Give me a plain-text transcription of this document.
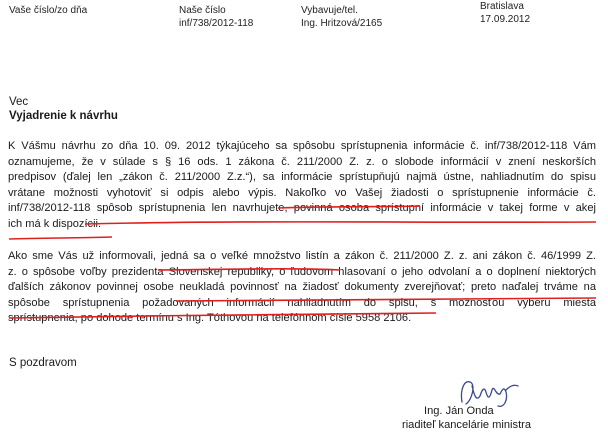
Vaše číslo/zo dňa	Naše číslo
inf/738/2012-118
Vybavuje/tel.
Ing. Hritzová/2165
Bratislava
17.09.2012
Vec
Vyjadrenie k návrhu
K Vášmu návrhu zo dňa 10. 09. 2012 týkajúceho sa spôsobu sprístupnenia informácie č. inf/738/2012-118 Vám
oznamujeme, že v súlade s § 16 ods. 1 zákona č. 211/2000 Z. z. o slobode informácií v znení neskorších
predpisov (ďalej len „zákon č. 211/2000 Z.z.“), sa informácie sprístupňujú najmä ústne, nahliadnutím do spisu
vrátane možnosti vyhotoviť si odpis alebo výpis. Nakoľko vo Vašej žiadosti o sprístupnenie informácie č.
inf/738/2012-118 spôsob sprístupnenia len navrhujete, povinná osoba sprístupní informácie v takej forme v akej
ich má k dispozícii.
Ako sme Vás už informovali, jedná sa o veľké množstvo listín a zákon č. 211/2000 Z. z. ani zákon č. 46/1999 Z.
z. o spôsobe voľby prezidenta Slovenskej republiky, o ľudovom hlasovaní o jeho odvolaní a o doplnení niektorých
ďalších zákonov povinnej osobe neukladá povinnosť na žiadosť dokumenty zverejňovať; preto naďalej trváme na
spôsobe sprístupnenia požadovaných informácií nahliadnutím do spisu, s možnosťou výberu miesta
sprístupnenia, po dohode termínu s Ing. Tóthovou na telefónnom čísle 5958 2106.
S pozdravom
Ing. Ján Onda
riaditeľ kancelárie ministra
